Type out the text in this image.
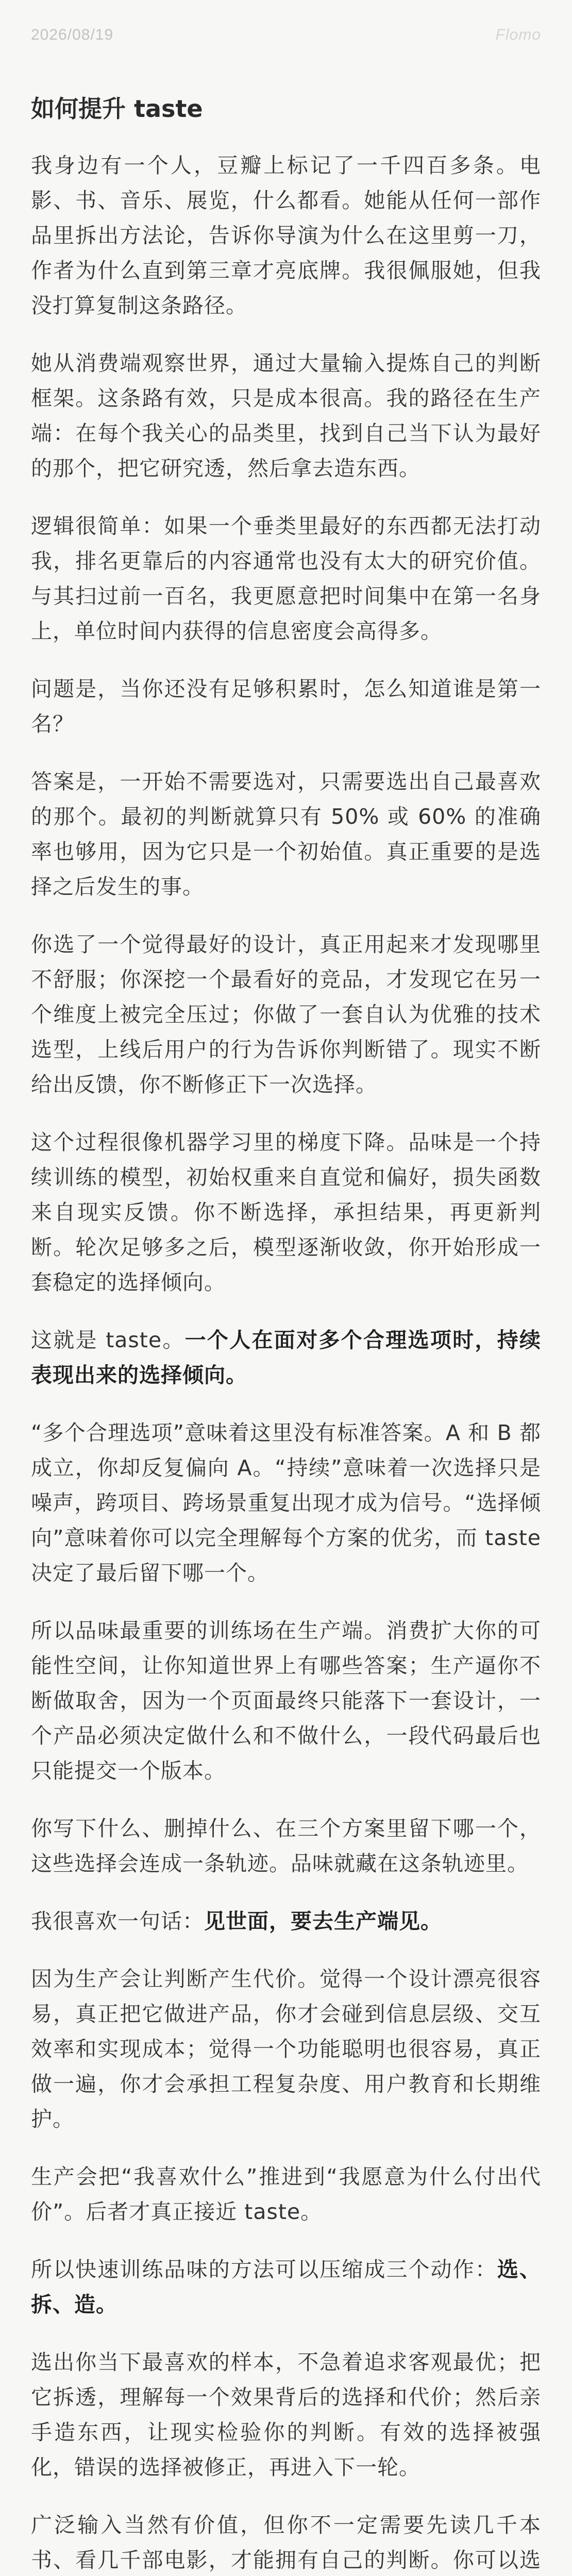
2026/08/19	Flomo
如何提升 taste

我身边有一个人，豆瓣上标记了一千四百多条。电影、书、音乐、展览，什么都看。她能从任何一部作品里拆出方法论，告诉你导演为什么在这里剪一刀，作者为什么直到第三章才亮底牌。我很佩服她，但我没打算复制这条路径。

她从消费端观察世界，通过大量输入提炼自己的判断框架。这条路有效，只是成本很高。我的路径在生产端：在每个我关心的品类里，找到自己当下认为最好的那个，把它研究透，然后拿去造东西。

逻辑很简单：如果一个垂类里最好的东西都无法打动我，排名更靠后的内容通常也没有太大的研究价值。与其扫过前一百名，我更愿意把时间集中在第一名身上，单位时间内获得的信息密度会高得多。

问题是，当你还没有足够积累时，怎么知道谁是第一名？

答案是，一开始不需要选对，只需要选出自己最喜欢的那个。最初的判断就算只有 50% 或 60% 的准确率也够用，因为它只是一个初始值。真正重要的是选择之后发生的事。

你选了一个觉得最好的设计，真正用起来才发现哪里不舒服；你深挖一个最看好的竞品，才发现它在另一个维度上被完全压过；你做了一套自认为优雅的技术选型，上线后用户的行为告诉你判断错了。现实不断给出反馈，你不断修正下一次选择。

这个过程很像机器学习里的梯度下降。品味是一个持续训练的模型，初始权重来自直觉和偏好，损失函数来自现实反馈。你不断选择，承担结果，再更新判断。轮次足够多之后，模型逐渐收敛，你开始形成一套稳定的选择倾向。

这就是 taste。一个人在面对多个合理选项时，持续表现出来的选择倾向。

“多个合理选项”意味着这里没有标准答案。A 和 B 都成立，你却反复偏向 A。“持续”意味着一次选择只是噪声，跨项目、跨场景重复出现才成为信号。“选择倾向”意味着你可以完全理解每个方案的优劣，而 taste 决定了最后留下哪一个。

所以品味最重要的训练场在生产端。消费扩大你的可能性空间，让你知道世界上有哪些答案；生产逼你不断做取舍，因为一个页面最终只能落下一套设计，一个产品必须决定做什么和不做什么，一段代码最后也只能提交一个版本。

你写下什么、删掉什么、在三个方案里留下哪一个，这些选择会连成一条轨迹。品味就藏在这条轨迹里。

我很喜欢一句话：见世面，要去生产端见。

因为生产会让判断产生代价。觉得一个设计漂亮很容易，真正把它做进产品，你才会碰到信息层级、交互效率和实现成本；觉得一个功能聪明也很容易，真正做一遍，你才会承担工程复杂度、用户教育和长期维护。

生产会把“我喜欢什么”推进到“我愿意为什么付出代价”。后者才真正接近 taste。

所以快速训练品味的方法可以压缩成三个动作：选、拆、造。

选出你当下最喜欢的样本，不急着追求客观最优；把它拆透，理解每一个效果背后的选择和代价；然后亲手造东西，让现实检验你的判断。有效的选择被强化，错误的选择被修正，再进入下一轮。

广泛输入当然有价值，但你不一定需要先读几千本书、看几千部电影，才能拥有自己的判断。你可以选
